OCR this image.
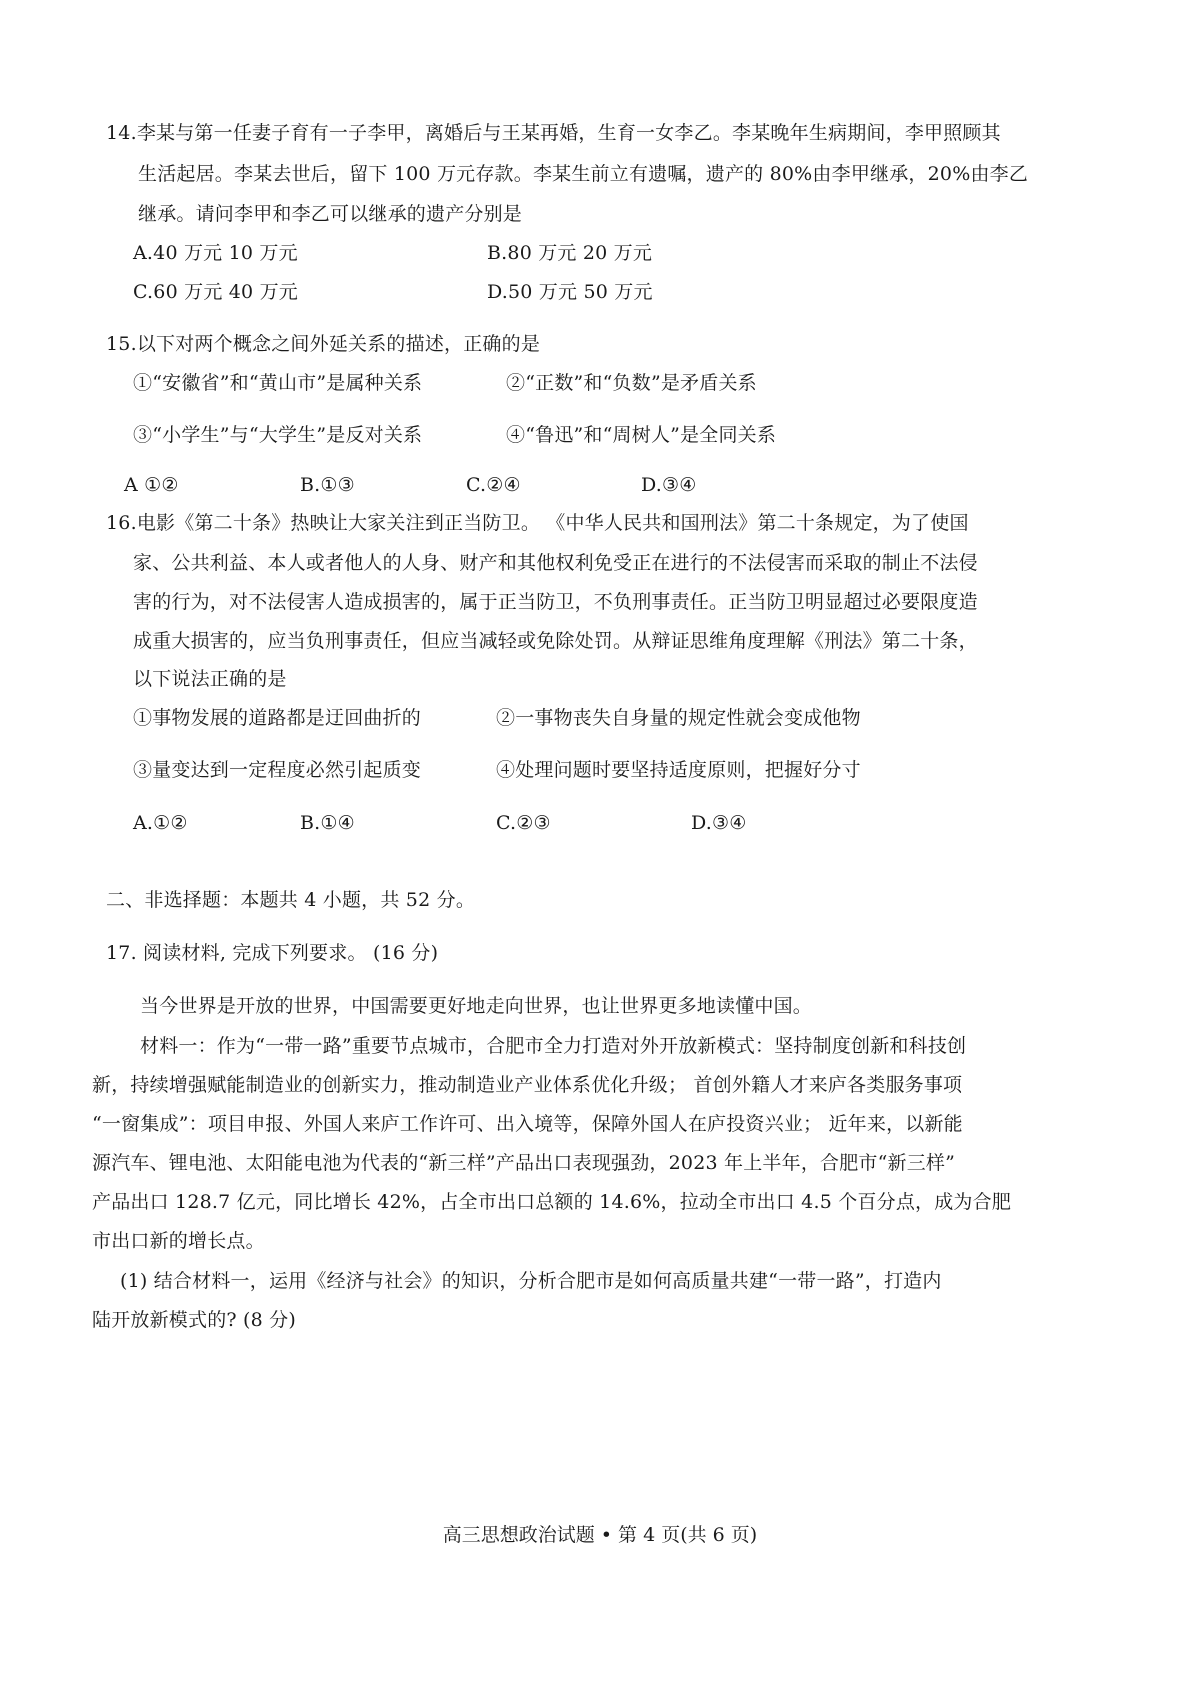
14.李某与第一任妻子育有一子李甲，离婚后与王某再婚，生育一女李乙。李某晚年生病期间，李甲照顾其
生活起居。李某去世后，留下 100 万元存款。李某生前立有遗嘱，遗产的 80%由李甲继承，20%由李乙
继承。请问李甲和李乙可以继承的遗产分别是
A.40 万元 10 万元	B.80 万元 20 万元
C.60 万元 40 万元	D.50 万元 50 万元
15.以下对两个概念之间外延关系的描述，正确的是
①“安徽省”和“黄山市”是属种关系	②“正数”和“负数”是矛盾关系
③“小学生”与“大学生”是反对关系	④“鲁迅”和“周树人”是全同关系
A ①②	B.①③	C.②④	D.③④
16.电影《第二十条》热映让大家关注到正当防卫。 《中华人民共和国刑法》第二十条规定，为了使国
家、公共利益、本人或者他人的人身、财产和其他权利免受正在进行的不法侵害而采取的制止不法侵
害的行为，对不法侵害人造成损害的，属于正当防卫，不负刑事责任。正当防卫明显超过必要限度造
成重大损害的，应当负刑事责任，但应当减轻或免除处罚。从辩证思维角度理解《刑法》第二十条，
以下说法正确的是
①事物发展的道路都是迂回曲折的	②一事物丧失自身量的规定性就会变成他物
③量变达到一定程度必然引起质变	④处理问题时要坚持适度原则，把握好分寸
A.①②	B.①④	C.②③	D.③④
二、非选择题：本题共 4 小题，共 52 分。
17. 阅读材料, 完成下列要求。 (16 分)
当今世界是开放的世界，中国需要更好地走向世界，也让世界更多地读懂中国。
材料一：作为“一带一路”重要节点城市，合肥市全力打造对外开放新模式：坚持制度创新和科技创
新，持续增强赋能制造业的创新实力，推动制造业产业体系优化升级； 首创外籍人才来庐各类服务事项
“一窗集成”：项目申报、外国人来庐工作许可、出入境等，保障外国人在庐投资兴业； 近年来，以新能
源汽车、锂电池、太阳能电池为代表的“新三样”产品出口表现强劲，2023 年上半年，合肥市“新三样”
产品出口 128.7 亿元，同比增长 42%，占全市出口总额的 14.6%，拉动全市出口 4.5 个百分点，成为合肥
市出口新的增长点。
(1) 结合材料一，运用《经济与社会》的知识，分析合肥市是如何高质量共建“一带一路”，打造内
陆开放新模式的? (8 分)
高三思想政治试题 • 第 4 页(共 6 页)
